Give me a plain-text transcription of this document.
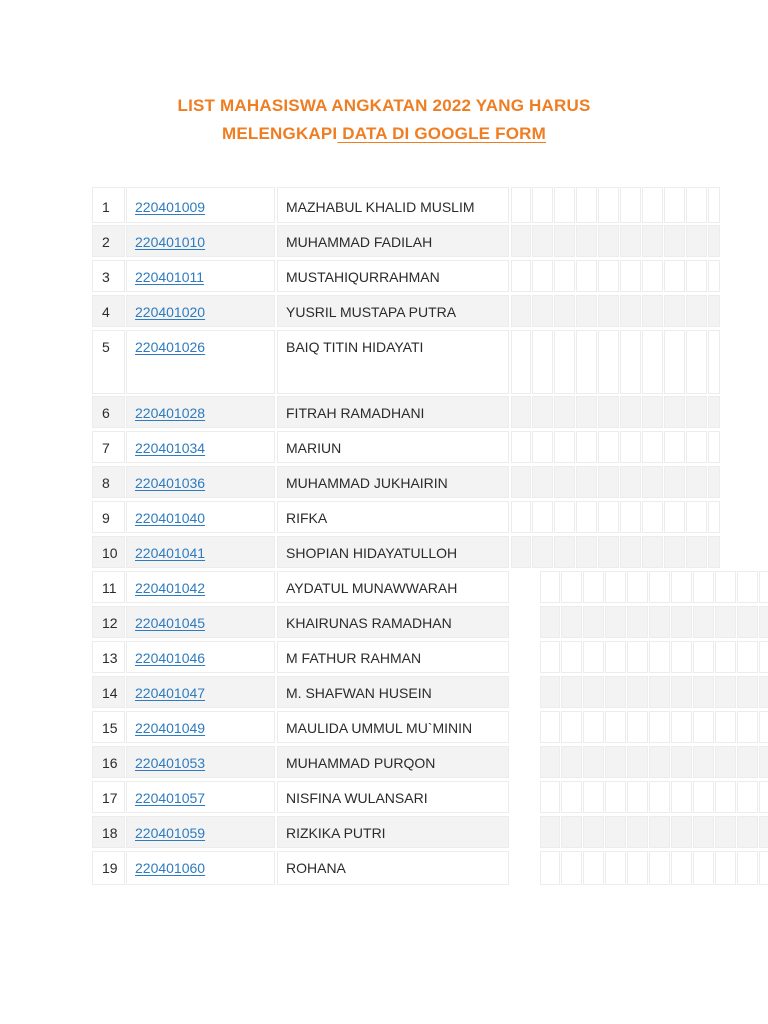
LIST MAHASISWA ANGKATAN 2022 YANG HARUS
MELENGKAPI DATA DI GOOGLE FORM
1	220401009	MAZHABUL KHALID MUSLIM
2	220401010	MUHAMMAD FADILAH
3	220401011	MUSTAHIQURRAHMAN
4	220401020	YUSRIL MUSTAPA PUTRA
5	220401026	BAIQ TITIN HIDAYATI
6	220401028	FITRAH RAMADHANI
7	220401034	MARIUN
8	220401036	MUHAMMAD JUKHAIRIN
9	220401040	RIFKA
10	220401041	SHOPIAN HIDAYATULLOH
11	220401042	AYDATUL MUNAWWARAH
12	220401045	KHAIRUNAS RAMADHAN
13	220401046	M FATHUR RAHMAN
14	220401047	M. SHAFWAN HUSEIN
15	220401049	MAULIDA UMMUL MU`MININ
16	220401053	MUHAMMAD PURQON
17	220401057	NISFINA WULANSARI
18	220401059	RIZKIKA PUTRI
19	220401060	ROHANA
